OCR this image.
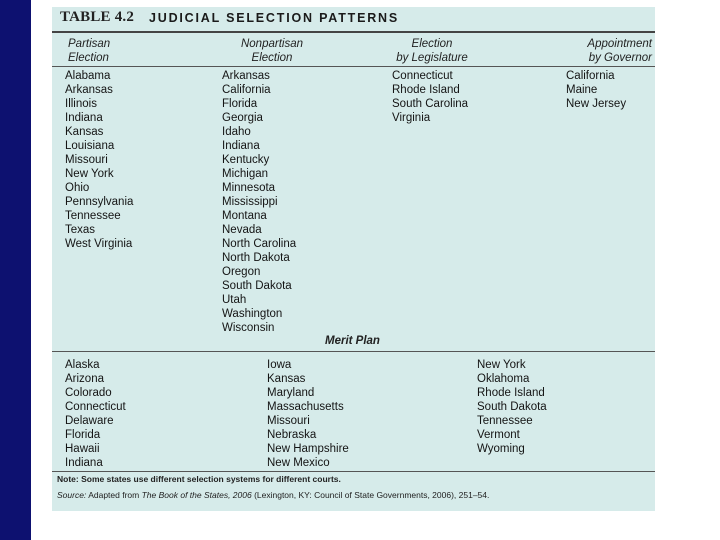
TABLE 4.2 JUDICIAL SELECTION PATTERNS
Partisan
Election
Nonpartisan
Election
Election
by Legislature
Appointment
by Governor
Alabama
Arkansas
Illinois
Indiana
Kansas
Louisiana
Missouri
New York
Ohio
Pennsylvania
Tennessee
Texas
West Virginia
Arkansas
California
Florida
Georgia
Idaho
Indiana
Kentucky
Michigan
Minnesota
Mississippi
Montana
Nevada
North Carolina
North Dakota
Oregon
South Dakota
Utah
Washington
Wisconsin
Connecticut
Rhode Island
South Carolina
Virginia
California
Maine
New Jersey
Merit Plan
Alaska
Arizona
Colorado
Connecticut
Delaware
Florida
Hawaii
Indiana
Iowa
Kansas
Maryland
Massachusetts
Missouri
Nebraska
New Hampshire
New Mexico
New York
Oklahoma
Rhode Island
South Dakota
Tennessee
Vermont
Wyoming
Note: Some states use different selection systems for different courts.
Source: Adapted from The Book of the States, 2006 (Lexington, KY: Council of State Governments, 2006), 251–54.
